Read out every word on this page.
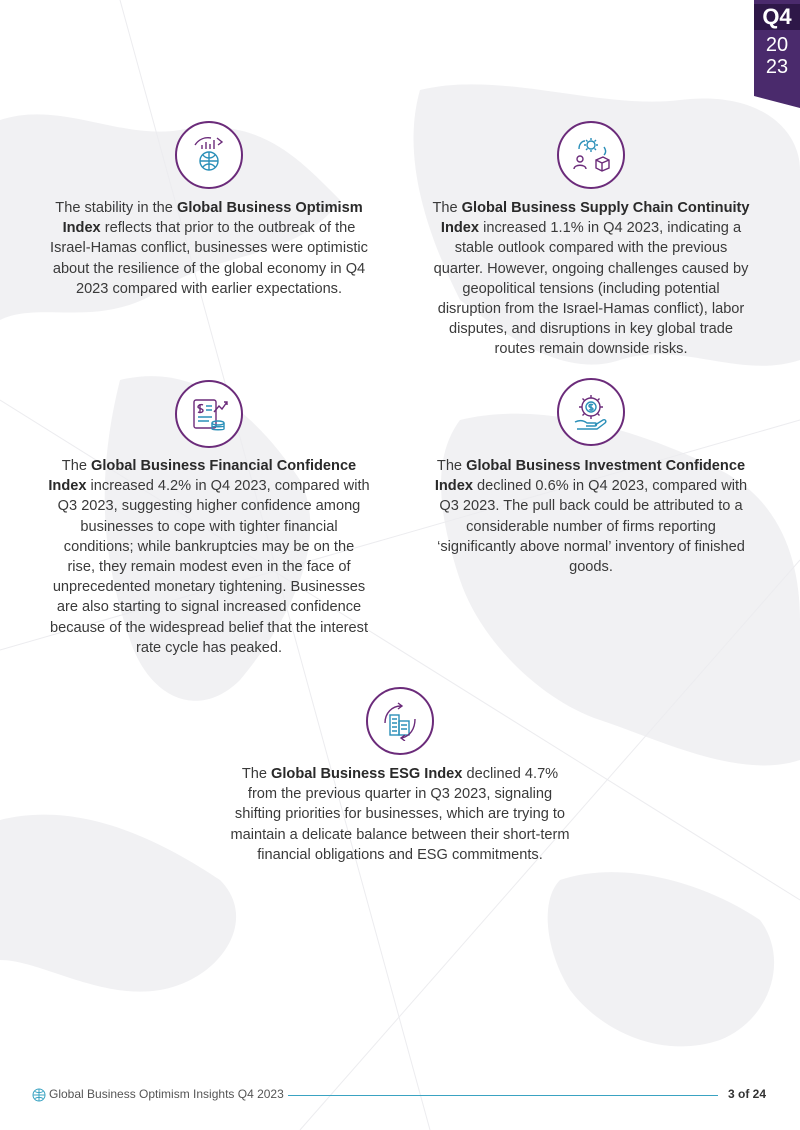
Q4
20
23

The stability in the Global Business Optimism Index reflects that prior to the outbreak of the Israel-Hamas conflict, businesses were optimistic about the resilience of the global economy in Q4 2023 compared with earlier expectations.

The Global Business Supply Chain Continuity Index increased 1.1% in Q4 2023, indicating a stable outlook compared with the previous quarter. However, ongoing challenges caused by geopolitical tensions (including potential disruption from the Israel-Hamas conflict), labor disputes, and disruptions in key global trade routes remain downside risks.

The Global Business Financial Confidence Index increased 4.2% in Q4 2023, compared with Q3 2023, suggesting higher confidence among businesses to cope with tighter financial conditions; while bankruptcies may be on the rise, they remain modest even in the face of unprecedented monetary tightening. Businesses are also starting to signal increased confidence because of the widespread belief that the interest rate cycle has peaked.

The Global Business Investment Confidence Index declined 0.6% in Q4 2023, compared with Q3 2023. The pull back could be attributed to a considerable number of firms reporting ‘significantly above normal’ inventory of finished goods.

The Global Business ESG Index declined 4.7% from the previous quarter in Q3 2023, signaling shifting priorities for businesses, which are trying to maintain a delicate balance between their short-term financial obligations and ESG commitments.

Global Business Optimism Insights Q4 2023	3 of 24
